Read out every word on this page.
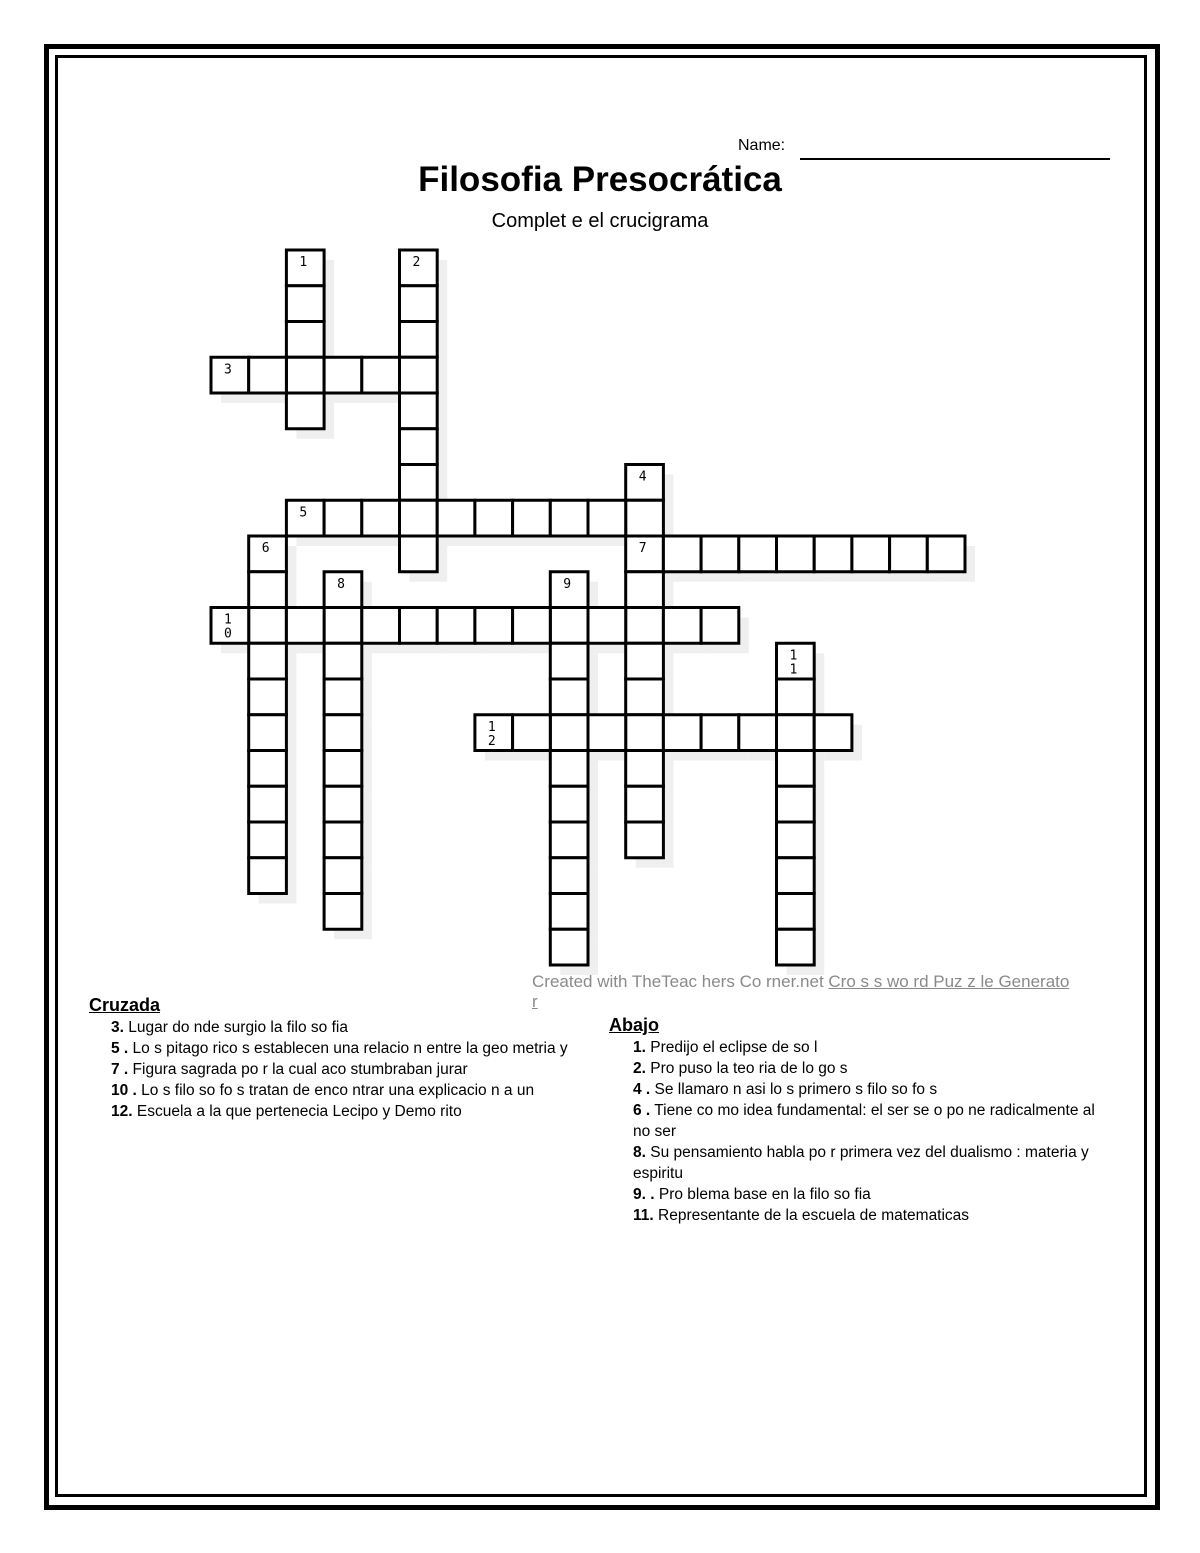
Name:
Filosofia Presocrática
Complet e el crucigrama
1	2
3
4
5
6	7
8	9
1 0
1 1
1 2
Created with TheTeac hers Co rner.net Cro s s wo rd Puz z le Generato r
Cruzada

3. Lugar do nde surgio la filo so fia

5 . Lo s pitago rico s establecen una relacio n entre la geo metria y

7 . Figura sagrada po r la cual aco stumbraban jurar

10 . Lo s filo so fo s tratan de enco ntrar una explicacio n a un

12. Escuela a la que pertenecia Lecipo y Demo rito

Abajo

1. Predijo el eclipse de so l

2. Pro puso la teo ria de lo go s

4 . Se llamaro n asi lo s primero s filo so fo s

6 . Tiene co mo idea fundamental: el ser se o po ne radicalmente al no ser

8. Su pensamiento habla po r primera vez del dualismo : materia y espiritu

9. . Pro blema base en la filo so fia

11. Representante de la escuela de matematicas
